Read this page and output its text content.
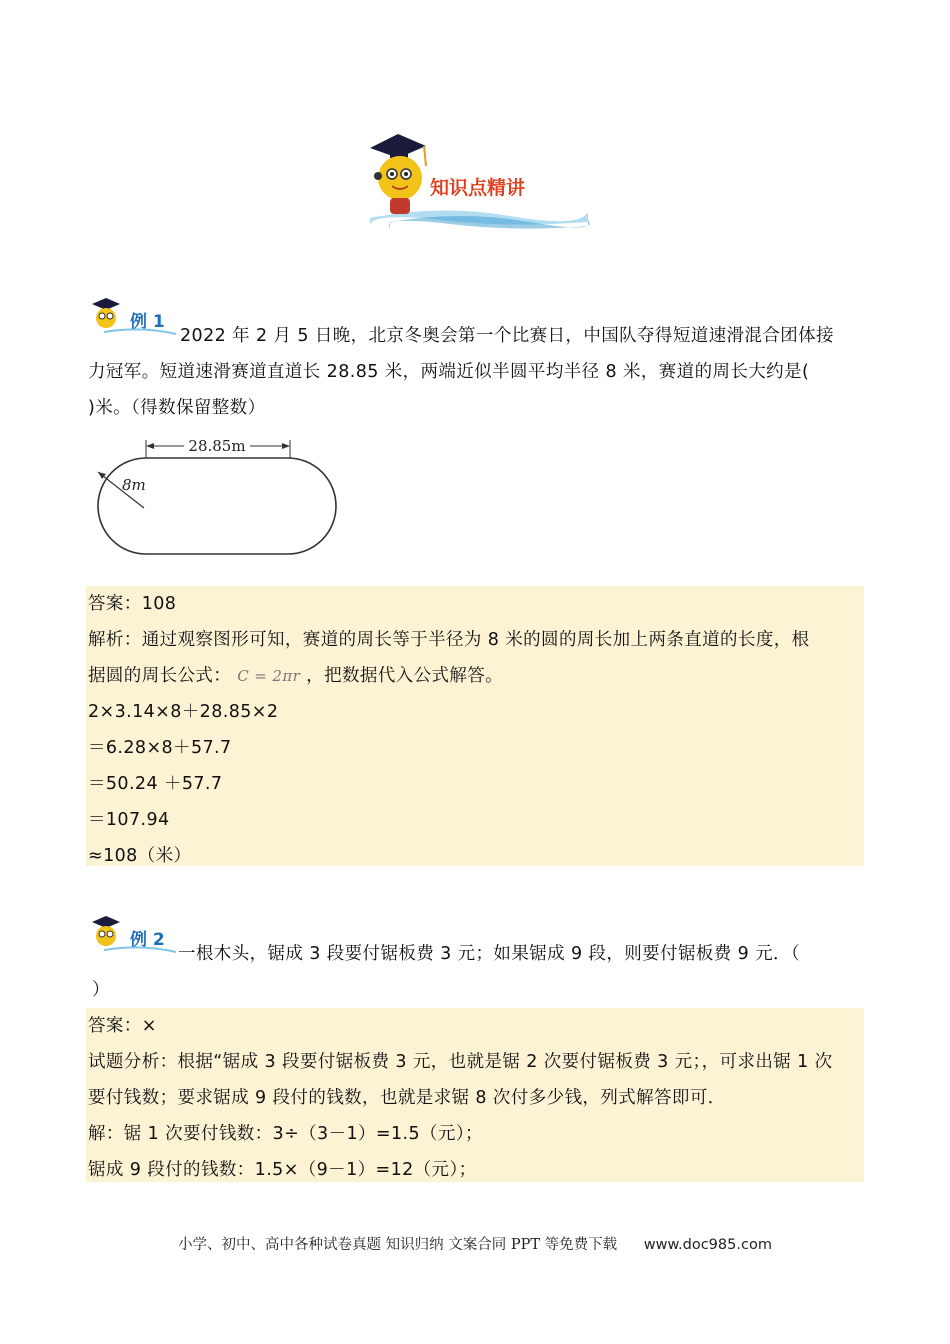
知识点精讲
例 1
2022 年 2 月 5 日晚，北京冬奥会第一个比赛日，中国队夺得短道速滑混合团体接
力冠军。短道速滑赛道直道长 28.85 米，两端近似半圆平均半径 8 米，赛道的周长大约是(
)米。（得数保留整数）
28.85m
8m
答案：108
解析：通过观察图形可知，赛道的周长等于半径为 8 米的圆的周长加上两条直道的长度，根
据圆的周长公式： C = 2πr ，把数据代入公式解答。
2×3.14×8＋28.85×2
＝6.28×8＋57.7
＝50.24 ＋57.7
＝107.94
≈108（米）
例 2
一根木头，锯成 3 段要付锯板费 3 元；如果锯成 9 段，则要付锯板费 9 元．（
）
答案：×
试题分析：根据“锯成 3 段要付锯板费 3 元，也就是锯 2 次要付锯板费 3 元；，可求出锯 1 次
要付钱数；要求锯成 9 段付的钱数，也就是求锯 8 次付多少钱，列式解答即可．
解：锯 1 次要付钱数：3÷（3－1）=1.5（元）；
锯成 9 段付的钱数：1.5×（9－1）=12（元）；
小学、初中、高中各种试卷真题 知识归纳 文案合同 PPT 等免费下载 www.doc985.com
